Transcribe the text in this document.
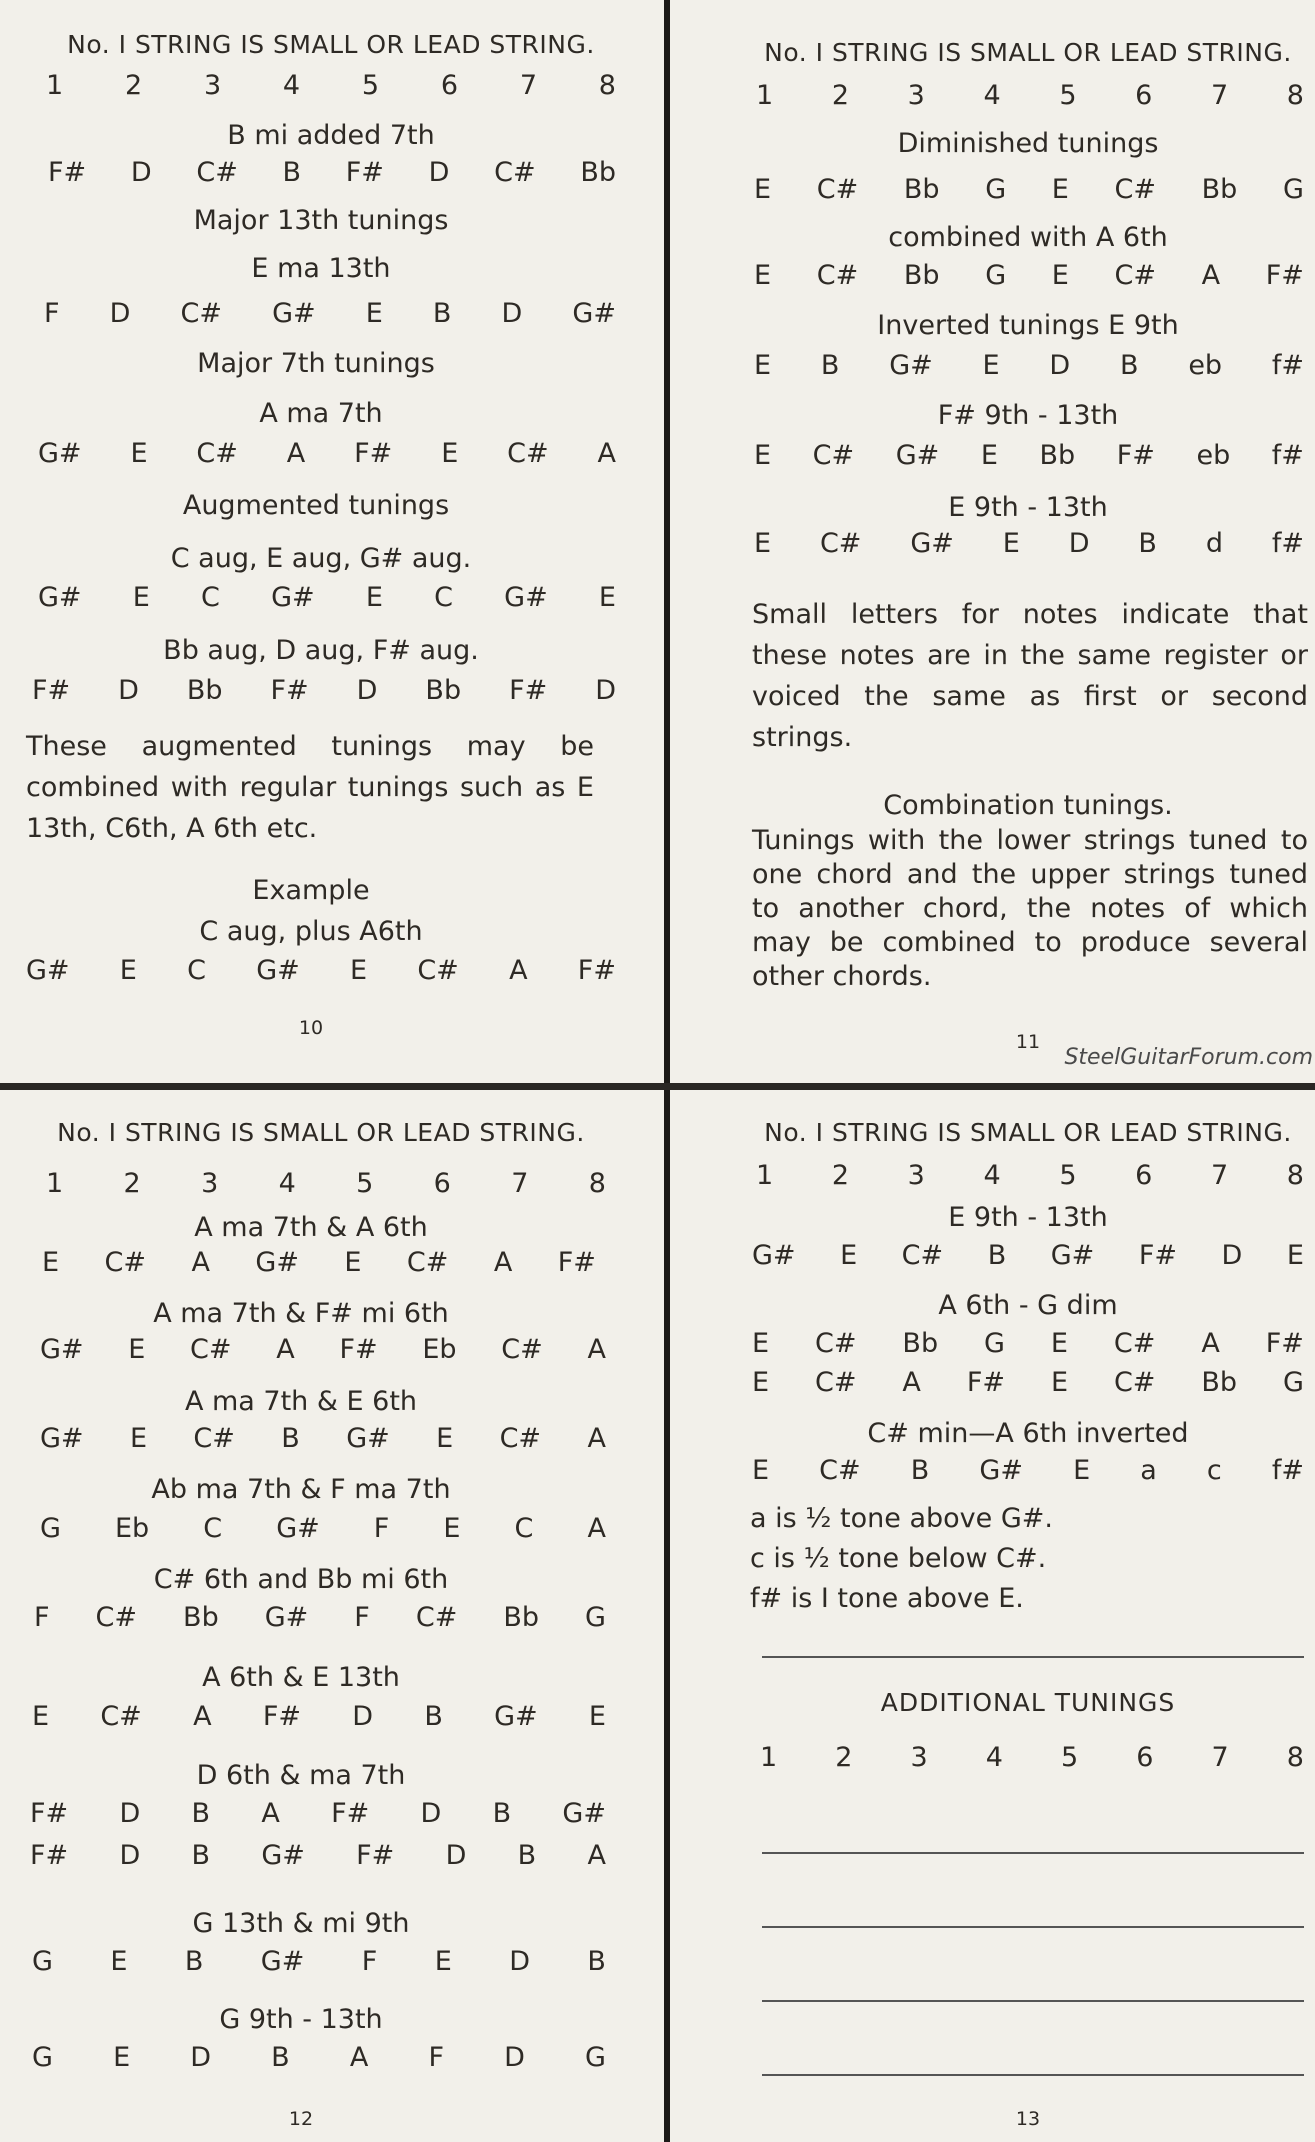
No. I STRING IS SMALL OR LEAD STRING.
1 2 3 4 5 6 7 8
B mi added 7th
F# D C# B F# D C# Bb
Major 13th tunings
E ma 13th
F D C# G# E B D G#
Major 7th tunings
A ma 7th
G# E C# A F# E C# A
Augmented tunings
C aug, E aug, G# aug.
G# E C G# E C G# E
Bb aug, D aug, F# aug.
F# D Bb F# D Bb F# D
These augmented tunings may be combined with regular tunings such as E 13th, C6th, A 6th etc.
Example
C aug, plus A6th
G# E C G# E C# A F#
10
No. I STRING IS SMALL OR LEAD STRING.
1 2 3 4 5 6 7 8
Diminished tunings
E C# Bb G E C# Bb G
combined with A 6th
E C# Bb G E C# A F#
Inverted tunings E 9th
E B G# E D B eb f#
F# 9th - 13th
E C# G# E Bb F# eb f#
E 9th - 13th
E C# G# E D B d f#
Small letters for notes indicate that these notes are in the same register or voiced the same as first or second strings.
Combination tunings.
Tunings with the lower strings tuned to one chord and the upper strings tuned to another chord, the notes of which may be combined to produce several other chords.
11
SteelGuitarForum.com
No. I STRING IS SMALL OR LEAD STRING.
1 2 3 4 5 6 7 8
A ma 7th & A 6th
E C# A G# E C# A F#
A ma 7th & F# mi 6th
G# E C# A F# Eb C# A
A ma 7th & E 6th
G# E C# B G# E C# A
Ab ma 7th & F ma 7th
G Eb C G# F E C A
C# 6th and Bb mi 6th
F C# Bb G# F C# Bb G
A 6th & E 13th
E C# A F# D B G# E
D 6th & ma 7th
F# D B A F# D B G#
F# D B G# F# D B A
G 13th & mi 9th
G E B G# F E D B
G 9th - 13th
G E D B A F D G
12
No. I STRING IS SMALL OR LEAD STRING.
1 2 3 4 5 6 7 8
E 9th - 13th
G# E C# B G# F# D E
A 6th - G dim
E C# Bb G E C# A F#
E C# A F# E C# Bb G
C# min—A 6th inverted
E C# B G# E a c f#
a is ½ tone above G#.
c is ½ tone below C#.
f# is I tone above E.
ADDITIONAL TUNINGS
1 2 3 4 5 6 7 8
13
